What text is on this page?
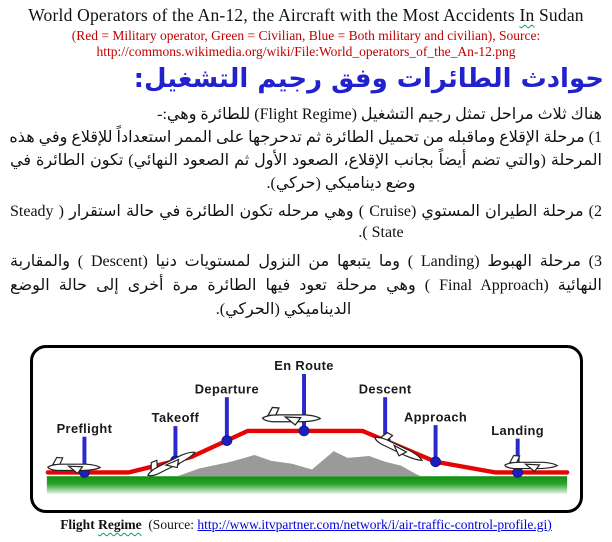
World Operators of the An-12, the Aircraft with the Most Accidents In Sudan
(Red = Military operator, Green = Civilian, Blue = Both military and civilian), Source:
http://commons.wikimedia.org/wiki/File:World_operators_of_the_An-12.png
حوادث الطائرات وفق رجيم التشغيل:
هناك ثلاث مراحل تمثل رجيم التشغيل (Flight Regime) للطائرة وهي:-
1) مرحلة الإقلاع وماقبله من تحميل الطائرة ثم تدحرجها على الممر استعداداً للإقلاع وفي هذه
المرحلة (والتي تضم أيضاً بجانب الإقلاع، الصعود الأول ثم الصعود النهائي) تكون الطائرة في
وضع ديناميكي (حركي).
2) مرحلة الطيران المستوي (Cruise ) وهي مرحله تكون الطائرة في حالة استقرار ( Steady
State ).
3) مرحلة الهبوط (Landing ) وما يتبعها من النزول لمستويات دنيا (Descent ) والمقاربة
النهائية (Final Approach ) وهي مرحلة تعود فيها الطائرة مرة أخرى إلى حالة الوضع
الديناميكي (الحركي).
Preflight
Takeoff
Departure
En Route
Descent
Approach
Landing
Flight Regime  (Source: http://www.itvpartner.com/network/i/air-traffic-control-profile.gi)
